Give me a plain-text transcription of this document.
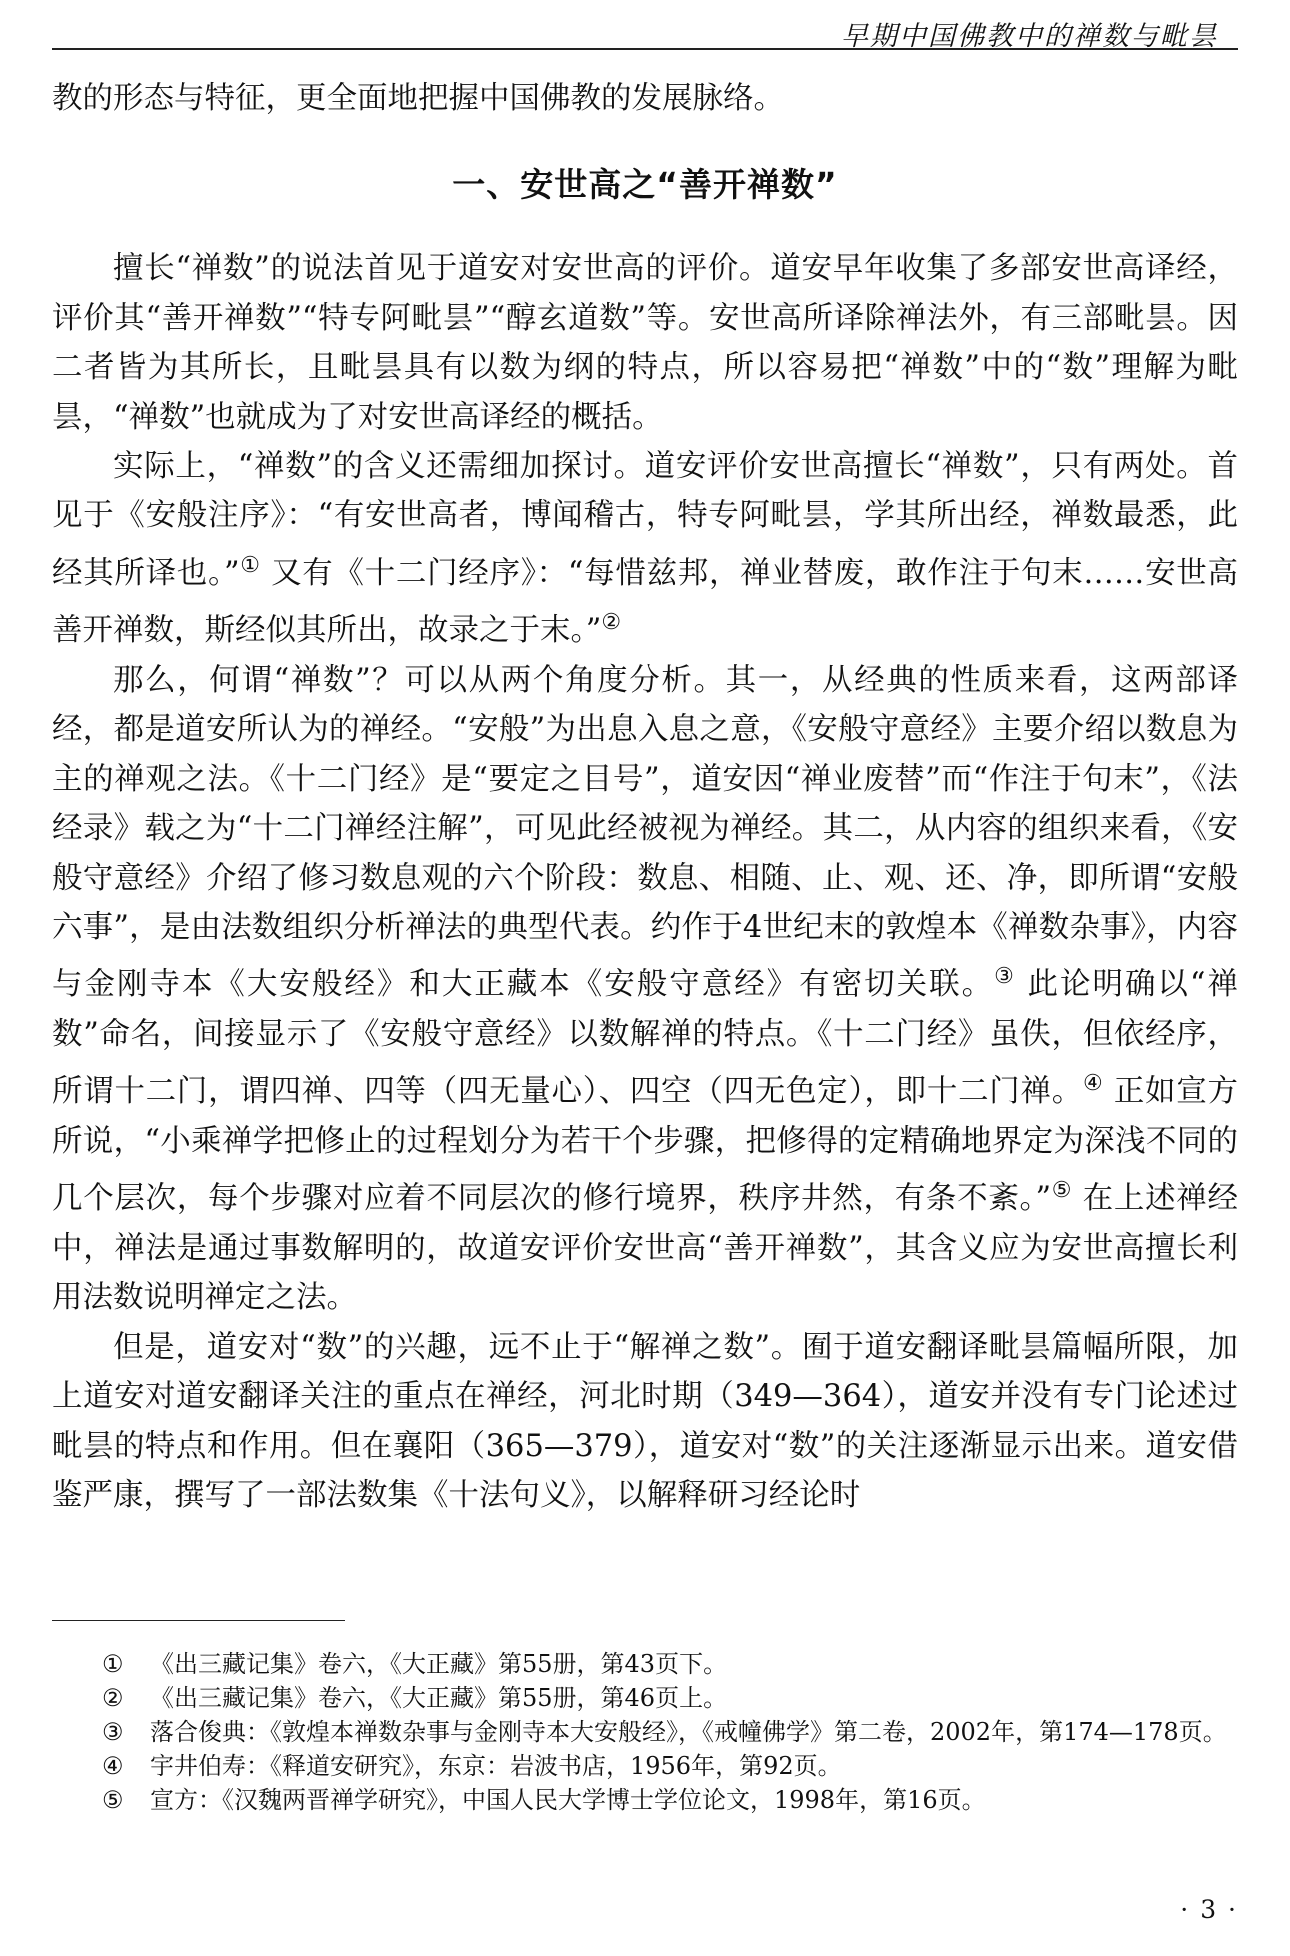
早期中国佛教中的禅数与毗昙

教的形态与特征，更全面地把握中国佛教的发展脉络。

一、安世高之“善开禅数”

擅长“禅数”的说法首见于道安对安世高的评价。道安早年收集了多部安世高译经，评价其“善开禅数”“特专阿毗昙”“醇玄道数”等。安世高所译除禅法外，有三部毗昙。因二者皆为其所长，且毗昙具有以数为纲的特点，所以容易把“禅数”中的“数”理解为毗昙，“禅数”也就成为了对安世高译经的概括。

实际上，“禅数”的含义还需细加探讨。道安评价安世高擅长“禅数”，只有两处。首见于《安般注序》：“有安世高者，博闻稽古，特专阿毗昙，学其所出经，禅数最悉，此经其所译也。”① 又有《十二门经序》：“每惜兹邦，禅业替废，敢作注于句末……安世高善开禅数，斯经似其所出，故录之于末。”②

那么，何谓“禅数”？可以从两个角度分析。其一，从经典的性质来看，这两部译经，都是道安所认为的禅经。“安般”为出息入息之意，《安般守意经》主要介绍以数息为主的禅观之法。《十二门经》是“要定之目号”，道安因“禅业废替”而“作注于句末”，《法经录》载之为“十二门禅经注解”，可见此经被视为禅经。其二，从内容的组织来看，《安般守意经》介绍了修习数息观的六个阶段：数息、相随、止、观、还、净，即所谓“安般六事”，是由法数组织分析禅法的典型代表。约作于4世纪末的敦煌本《禅数杂事》，内容与金刚寺本《大安般经》和大正藏本《安般守意经》有密切关联。③ 此论明确以“禅数”命名，间接显示了《安般守意经》以数解禅的特点。《十二门经》虽佚，但依经序，所谓十二门，谓四禅、四等（四无量心）、四空（四无色定），即十二门禅。④ 正如宣方所说，“小乘禅学把修止的过程划分为若干个步骤，把修得的定精确地界定为深浅不同的几个层次，每个步骤对应着不同层次的修行境界，秩序井然，有条不紊。”⑤ 在上述禅经中，禅法是通过事数解明的，故道安评价安世高“善开禅数”，其含义应为安世高擅长利用法数说明禅定之法。

但是，道安对“数”的兴趣，远不止于“解禅之数”。囿于道安翻译毗昙篇幅所限，加上道安对道安翻译关注的重点在禅经，河北时期（349—364），道安并没有专门论述过毗昙的特点和作用。但在襄阳（365—379），道安对“数”的关注逐渐显示出来。道安借鉴严康，撰写了一部法数集《十法句义》，以解释研习经论时

① 《出三藏记集》卷六，《大正藏》第55册，第43页下。
② 《出三藏记集》卷六，《大正藏》第55册，第46页上。
③ 落合俊典：《敦煌本禅数杂事与金刚寺本大安般经》，《戒幢佛学》第二卷，2002年，第174—178页。
④ 宇井伯寿：《释道安研究》，东京：岩波书店，1956年，第92页。
⑤ 宣方：《汉魏两晋禅学研究》，中国人民大学博士学位论文，1998年，第16页。
· 3 ·
